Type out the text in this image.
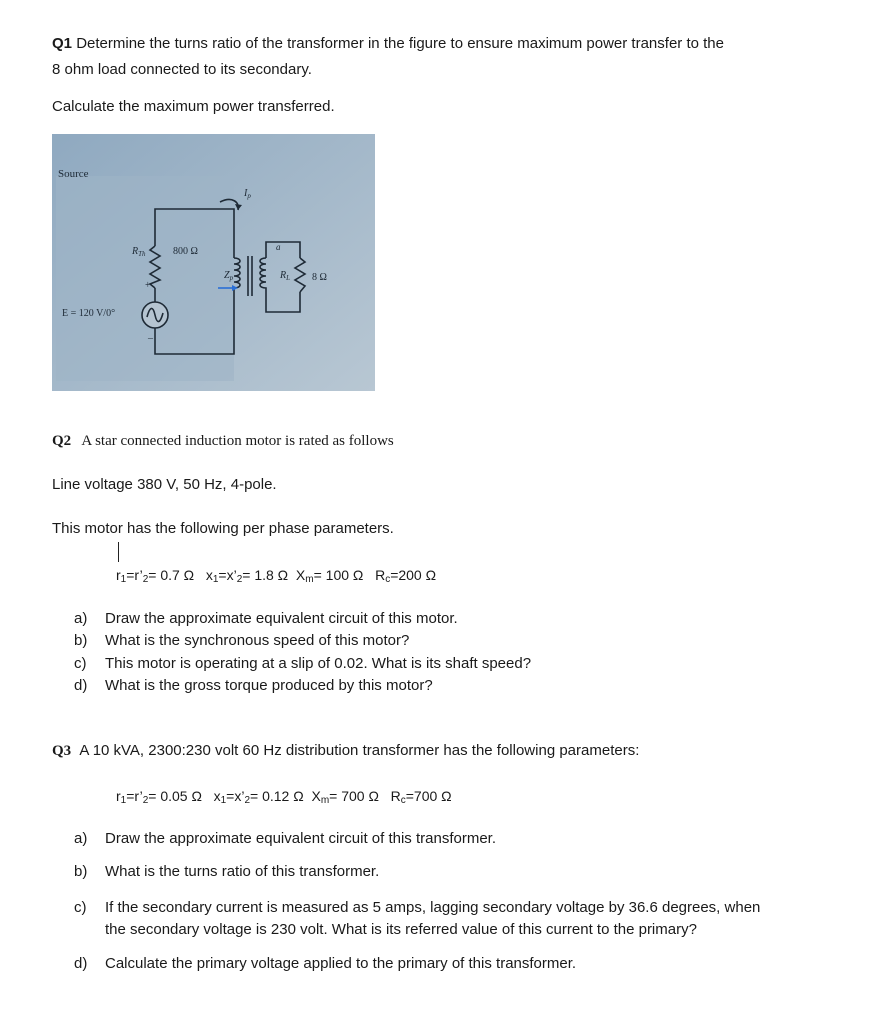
Q1 Determine the turns ratio of the transformer in the figure to ensure maximum power transfer to the
8 ohm load connected to its secondary.
Calculate the maximum power transferred.
Source
$R_{Th}$	800 Ω
+
–
E = 120 V/0°
$I_p$
$Z_p$
a
$R_L$ 8 Ω
Q2 A star connected induction motor is rated as follows
Line voltage 380 V, 50 Hz, 4-pole.
This motor has the following per phase parameters.
$r_1=r’_2= 0.7$ Ω $x_1=x’_2= 1.8$ Ω $X_m= 100$ Ω $R_c=200$ Ω
a)	Draw the approximate equivalent circuit of this motor.
b)	What is the synchronous speed of this motor?
c)	This motor is operating at a slip of 0.02. What is its shaft speed?
d)	What is the gross torque produced by this motor?
Q3 A 10 kVA, 2300:230 volt 60 Hz distribution transformer has the following parameters:
$r_1=r’_2= 0.05$ Ω $x_1=x’_2= 0.12$ Ω $X_m= 700$ Ω $R_c=700$ Ω
a)	Draw the approximate equivalent circuit of this transformer.
b)	What is the turns ratio of this transformer.
c)	If the secondary current is measured as 5 amps, lagging secondary voltage by 36.6 degrees, when
the secondary voltage is 230 volt. What is its referred value of this current to the primary?
d)	Calculate the primary voltage applied to the primary of this transformer.
